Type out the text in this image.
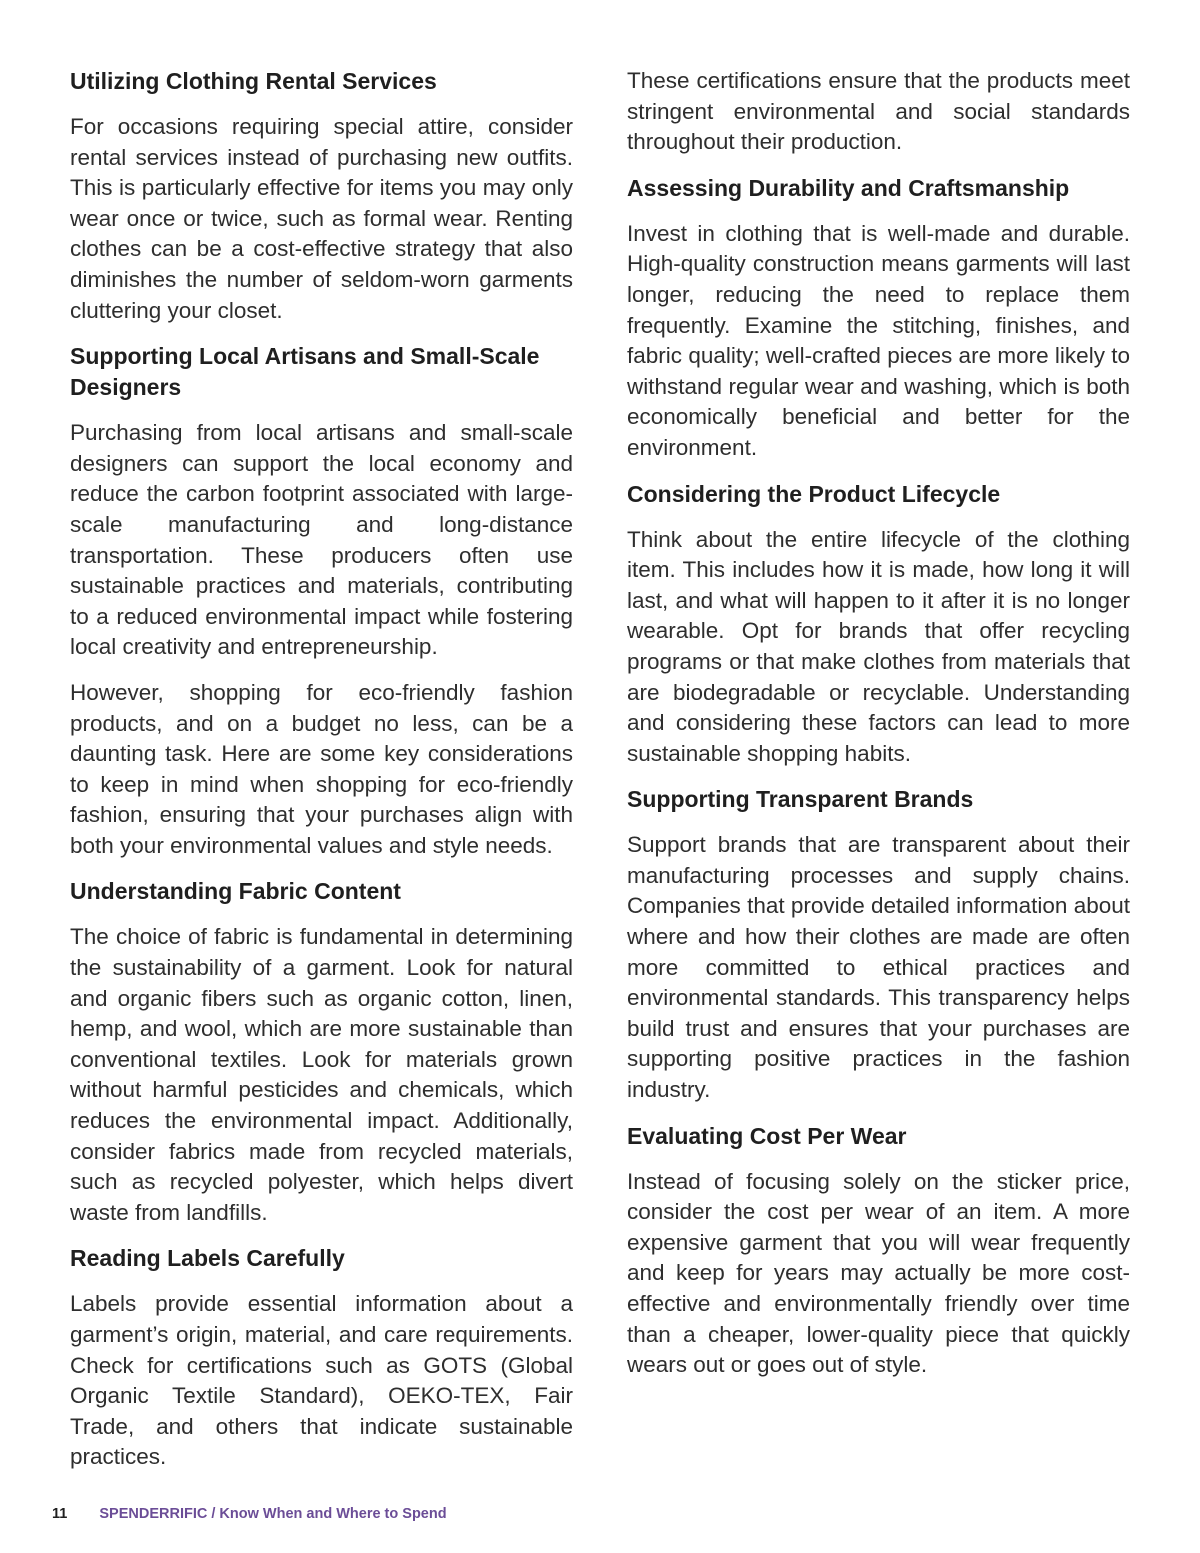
Utilizing Clothing Rental Services

For occasions requiring special attire, consider rental services instead of purchasing new outfits. This is particularly effective for items you may only wear once or twice, such as formal wear. Renting clothes can be a cost-effective strategy that also diminishes the number of seldom-worn garments cluttering your closet.

Supporting Local Artisans and Small-Scale Designers

Purchasing from local artisans and small-scale designers can support the local economy and reduce the carbon footprint associated with large-scale manufacturing and long-distance transportation. These producers often use sustainable practices and materials, contributing to a reduced environmental impact while fostering local creativity and entrepreneurship.

However, shopping for eco-friendly fashion products, and on a budget no less, can be a daunting task. Here are some key considerations to keep in mind when shopping for eco-friendly fashion, ensuring that your purchases align with both your environmental values and style needs.

Understanding Fabric Content

The choice of fabric is fundamental in determining the sustainability of a garment. Look for natural and organic fibers such as organic cotton, linen, hemp, and wool, which are more sustainable than conventional textiles. Look for materials grown without harmful pesticides and chemicals, which reduces the environmental impact. Additionally, consider fabrics made from recycled materials, such as recycled polyester, which helps divert waste from landfills.

Reading Labels Carefully

Labels provide essential information about a garment’s origin, material, and care requirements. Check for certifications such as GOTS (Global Organic Textile Standard), OEKO-TEX, Fair Trade, and others that indicate sustainable practices.

These certifications ensure that the products meet stringent environmental and social standards throughout their production.

Assessing Durability and Craftsmanship

Invest in clothing that is well-made and durable. High-quality construction means garments will last longer, reducing the need to replace them frequently. Examine the stitching, finishes, and fabric quality; well-crafted pieces are more likely to withstand regular wear and washing, which is both economically beneficial and better for the environment.

Considering the Product Lifecycle

Think about the entire lifecycle of the clothing item. This includes how it is made, how long it will last, and what will happen to it after it is no longer wearable. Opt for brands that offer recycling programs or that make clothes from materials that are biodegradable or recyclable. Understanding and considering these factors can lead to more sustainable shopping habits.

Supporting Transparent Brands

Support brands that are transparent about their manufacturing processes and supply chains. Companies that provide detailed information about where and how their clothes are made are often more committed to ethical practices and environmental standards. This transparency helps build trust and ensures that your purchases are supporting positive practices in the fashion industry.

Evaluating Cost Per Wear

Instead of focusing solely on the sticker price, consider the cost per wear of an item. A more expensive garment that you will wear frequently and keep for years may actually be more cost-effective and environmentally friendly over time than a cheaper, lower-quality piece that quickly wears out or goes out of style.

11 SPENDERRIFIC / Know When and Where to Spend
